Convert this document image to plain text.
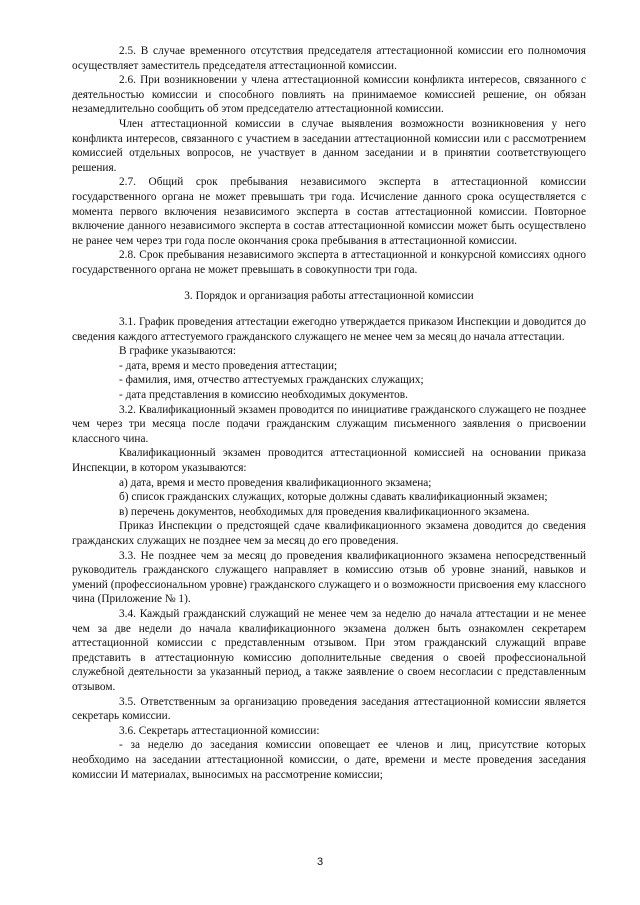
2.5. В случае временного отсутствия председателя аттестационной комиссии его полномочия осуществляет заместитель председателя аттестационной комиссии.

2.6. При возникновении у члена аттестационной комиссии конфликта интересов, связанного с деятельностью комиссии и способного повлиять на принимаемое комиссией решение, он обязан незамедлительно сообщить об этом председателю аттестационной комиссии.

Член аттестационной комиссии в случае выявления возможности возникновения у него конфликта интересов, связанного с участием в заседании аттестационной комиссии или с рассмотрением комиссией отдельных вопросов, не участвует в данном заседании и в принятии соответствующего решения.

2.7. Общий срок пребывания независимого эксперта в аттестационной комиссии государственного органа не может превышать три года. Исчисление данного срока осуществляется с момента первого включения независимого эксперта в состав аттестационной комиссии. Повторное включение данного независимого эксперта в состав аттестационной комиссии может быть осуществлено не ранее чем через три года после окончания срока пребывания в аттестационной комиссии.

2.8. Срок пребывания независимого эксперта в аттестационной и конкурсной комиссиях одного государственного органа не может превышать в совокупности три года.

3. Порядок и организация работы аттестационной комиссии

3.1. График проведения аттестации ежегодно утверждается приказом Инспекции и доводится до сведения каждого аттестуемого гражданского служащего не менее чем за месяц до начала аттестации.

В графике указываются:

- дата, время и место проведения аттестации;

- фамилия, имя, отчество аттестуемых гражданских служащих;

- дата представления в комиссию необходимых документов.

3.2. Квалификационный экзамен проводится по инициативе гражданского служащего не позднее чем через три месяца после подачи гражданским служащим письменного заявления о присвоении классного чина.

Квалификационный экзамен проводится аттестационной комиссией на основании приказа Инспекции, в котором указываются:

а) дата, время и место проведения квалификационного экзамена;

б) список гражданских служащих, которые должны сдавать квалификационный экзамен;

в) перечень документов, необходимых для проведения квалификационного экзамена.

Приказ Инспекции о предстоящей сдаче квалификационного экзамена доводится до сведения гражданских служащих не позднее чем за месяц до его проведения.

3.3. Не позднее чем за месяц до проведения квалификационного экзамена непосредственный руководитель гражданского служащего направляет в комиссию отзыв об уровне знаний, навыков и умений (профессиональном уровне) гражданского служащего и о возможности присвоения ему классного чина (Приложение № 1).

3.4. Каждый гражданский служащий не менее чем за неделю до начала аттестации и не менее чем за две недели до начала квалификационного экзамена должен быть ознакомлен секретарем аттестационной комиссии с представленным отзывом. При этом гражданский служащий вправе представить в аттестационную комиссию дополнительные сведения о своей профессиональной служебной деятельности за указанный период, а также заявление о своем несогласии с представленным отзывом.

3.5. Ответственным за организацию проведения заседания аттестационной комиссии является секретарь комиссии.

3.6. Секретарь аттестационной комиссии:

- за неделю до заседания комиссии оповещает ее членов и лиц, присутствие которых необходимо на заседании аттестационной комиссии, о дате, времени и месте проведения заседания комиссии И материалах, выносимых на рассмотрение комиссии;

3
